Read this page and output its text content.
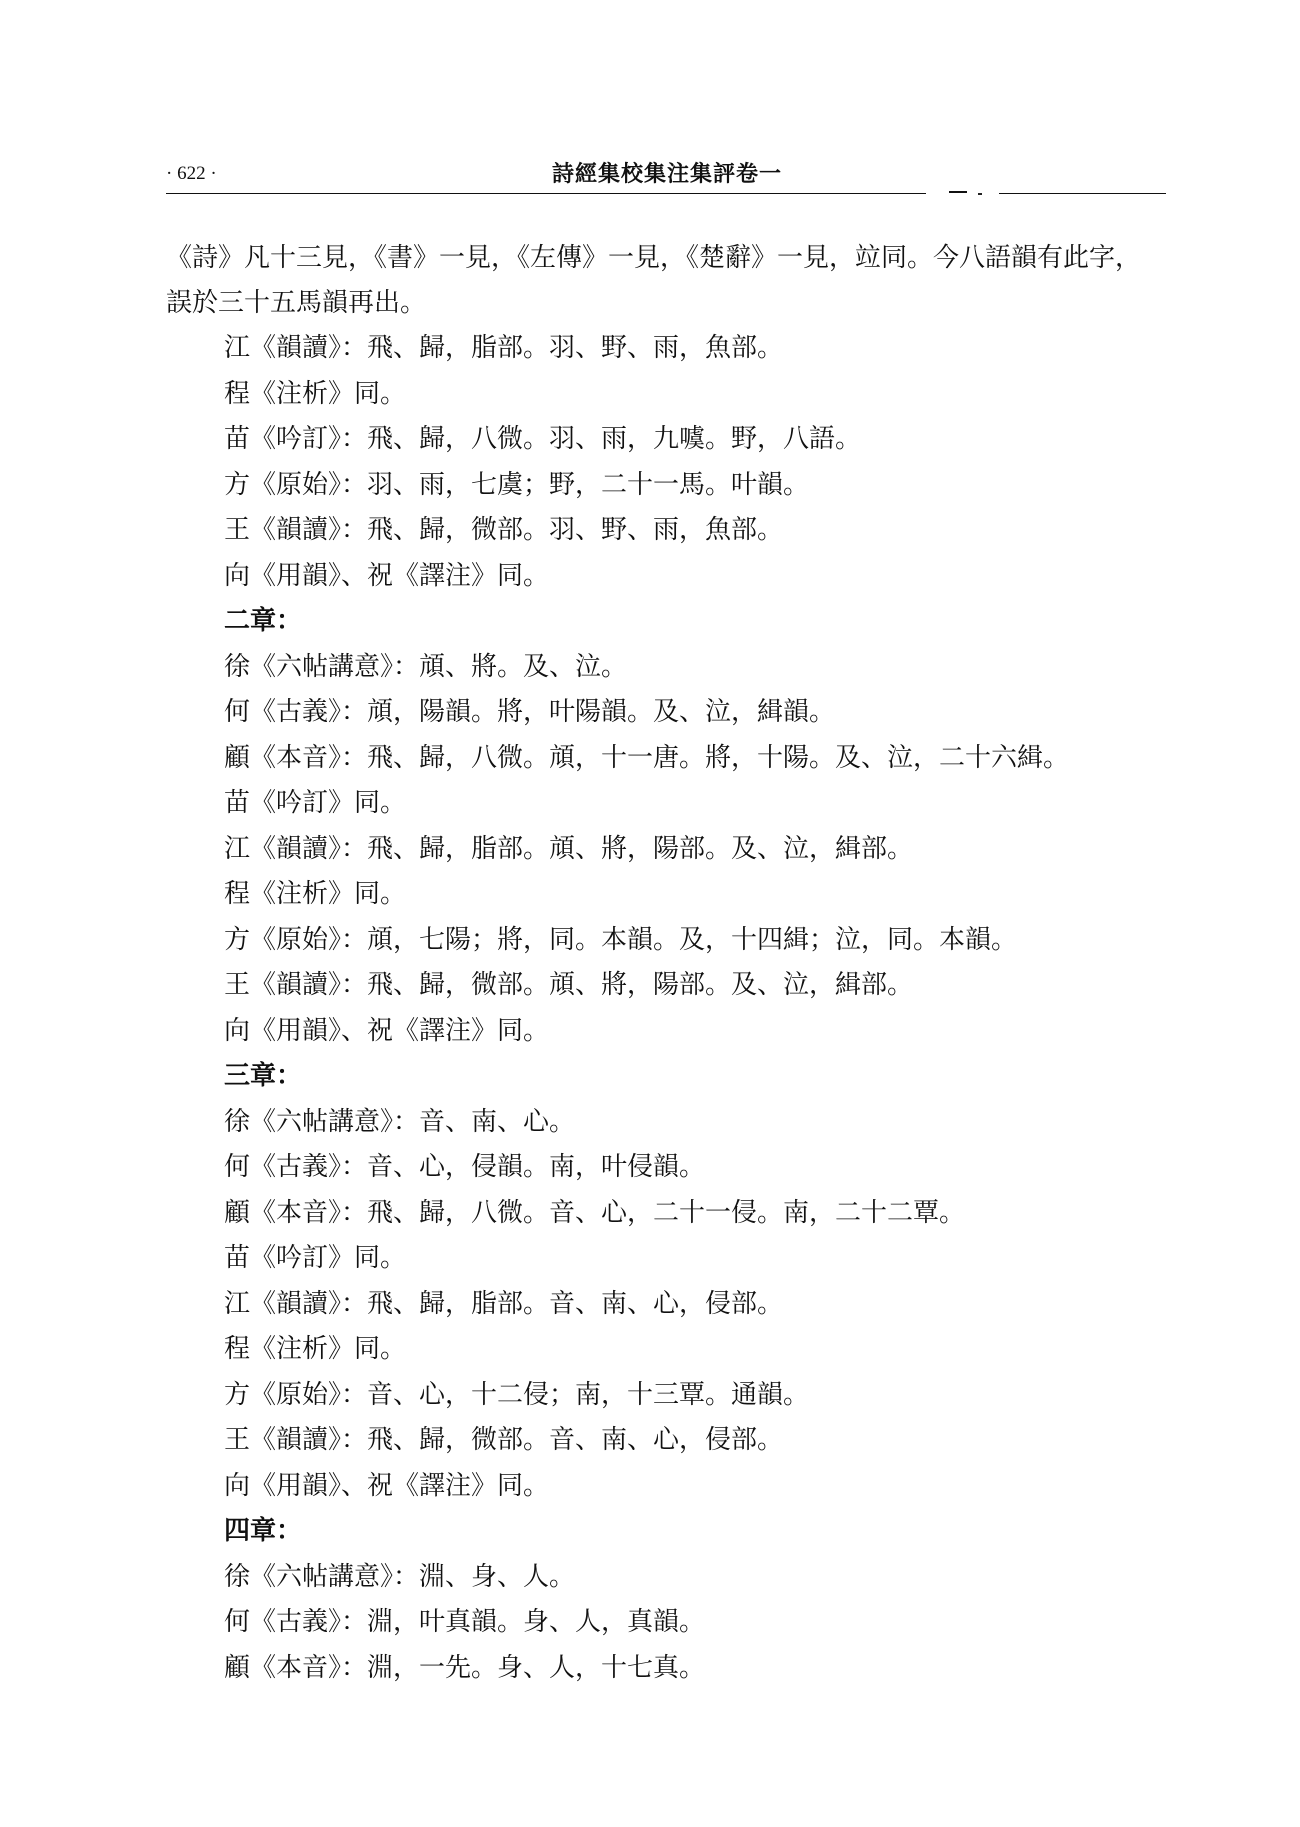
· 622 ·	詩經集校集注集評卷一

《詩》凡十三見，《書》一見，《左傳》一見，《楚辭》一見，竝同。今八語韻有此字，誤於三十五馬韻再出。

江《韻讀》：飛、歸，脂部。羽、野、雨，魚部。
程《注析》同。
苗《吟訂》：飛、歸，八微。羽、雨，九噳。野，八語。
方《原始》：羽、雨，七虞；野，二十一馬。叶韻。
王《韻讀》：飛、歸，微部。羽、野、雨，魚部。
向《用韻》、祝《譯注》同。
二章：
徐《六帖講意》：頏、將。及、泣。
何《古義》：頏，陽韻。將，叶陽韻。及、泣，緝韻。
顧《本音》：飛、歸，八微。頏，十一唐。將，十陽。及、泣，二十六緝。
苗《吟訂》同。
江《韻讀》：飛、歸，脂部。頏、將，陽部。及、泣，緝部。
程《注析》同。
方《原始》：頏，七陽；將，同。本韻。及，十四緝；泣，同。本韻。
王《韻讀》：飛、歸，微部。頏、將，陽部。及、泣，緝部。
向《用韻》、祝《譯注》同。
三章：
徐《六帖講意》：音、南、心。
何《古義》：音、心，侵韻。南，叶侵韻。
顧《本音》：飛、歸，八微。音、心，二十一侵。南，二十二覃。
苗《吟訂》同。
江《韻讀》：飛、歸，脂部。音、南、心，侵部。
程《注析》同。
方《原始》：音、心，十二侵；南，十三覃。通韻。
王《韻讀》：飛、歸，微部。音、南、心，侵部。
向《用韻》、祝《譯注》同。
四章：
徐《六帖講意》：淵、身、人。
何《古義》：淵，叶真韻。身、人，真韻。
顧《本音》：淵，一先。身、人，十七真。
